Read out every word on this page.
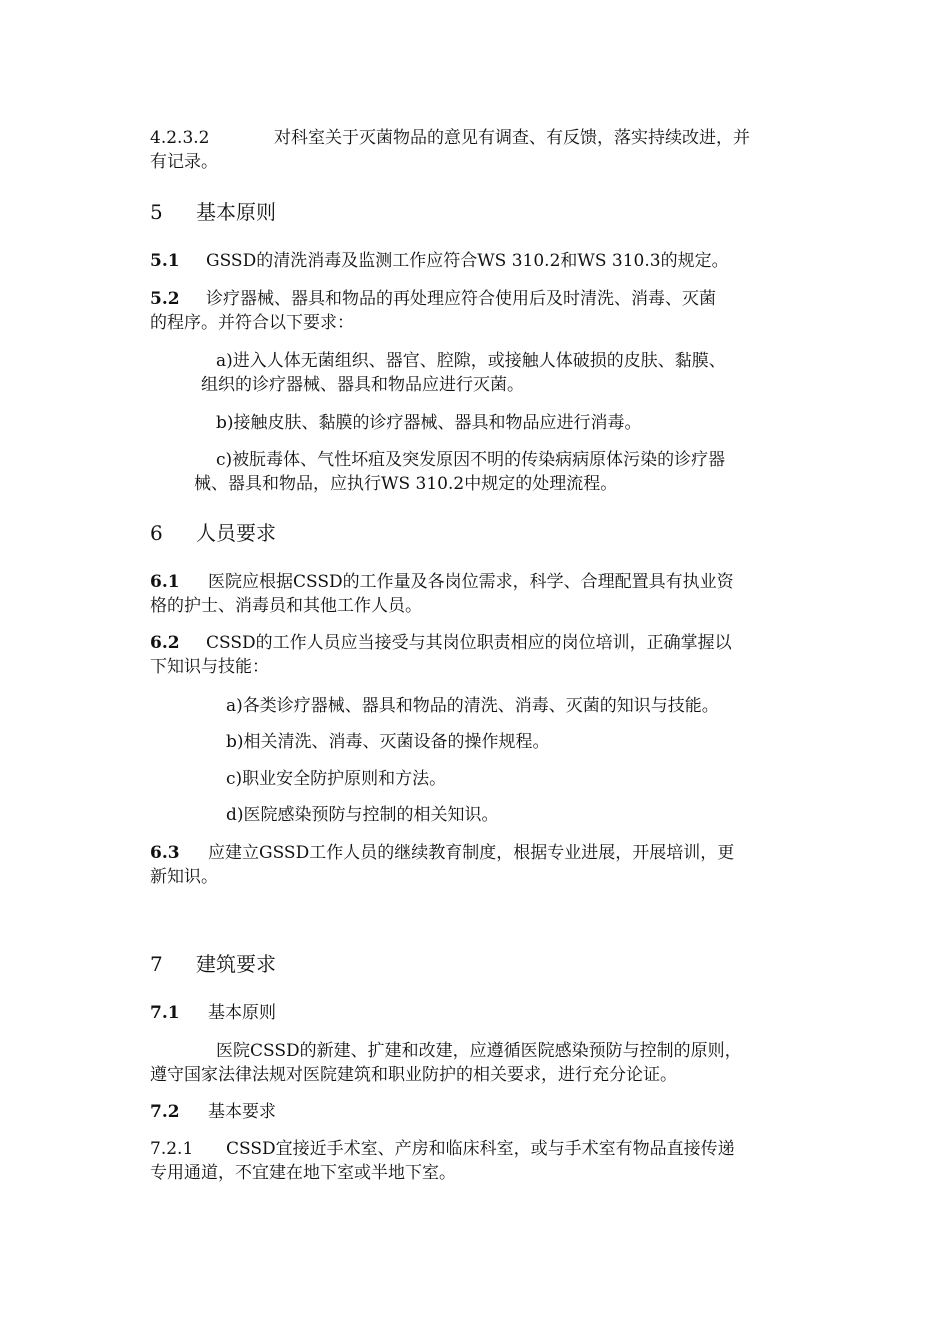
4.2.3.2	对科室关于灭菌物品的意见有调查、有反馈，落实持续改进，并
有记录。
5 基本原则
5.1 GSSD的清洗消毒及监测工作应符合WS 310.2和WS 310.3的规定。
5.2 诊疗器械、器具和物品的再处理应符合使用后及时清洗、消毒、灭菌
的程序。并符合以下要求：
a)进入人体无菌组织、器官、腔隙，或接触人体破损的皮肤、黏膜、
组织的诊疗器械、器具和物品应进行灭菌。
b)接触皮肤、黏膜的诊疗器械、器具和物品应进行消毒。
c)被朊毒体、气性坏疽及突发原因不明的传染病病原体污染的诊疗器
械、器具和物品，应执行WS 310.2中规定的处理流程。
6 人员要求
6.1 医院应根据CSSD的工作量及各岗位需求，科学、合理配置具有执业资
格的护士、消毒员和其他工作人员。
6.2 CSSD的工作人员应当接受与其岗位职责相应的岗位培训，正确掌握以
下知识与技能：
a)各类诊疗器械、器具和物品的清洗、消毒、灭菌的知识与技能。
b)相关清洗、消毒、灭菌设备的操作规程。
c)职业安全防护原则和方法。
d)医院感染预防与控制的相关知识。
6.3 应建立GSSD工作人员的继续教育制度，根据专业进展，开展培训，更
新知识。
7 建筑要求
7.1 基本原则
医院CSSD的新建、扩建和改建，应遵循医院感染预防与控制的原则，
遵守国家法律法规对医院建筑和职业防护的相关要求，进行充分论证。
7.2 基本要求
7.2.1 CSSD宜接近手术室、产房和临床科室，或与手术室有物品直接传递
专用通道，不宜建在地下室或半地下室。
